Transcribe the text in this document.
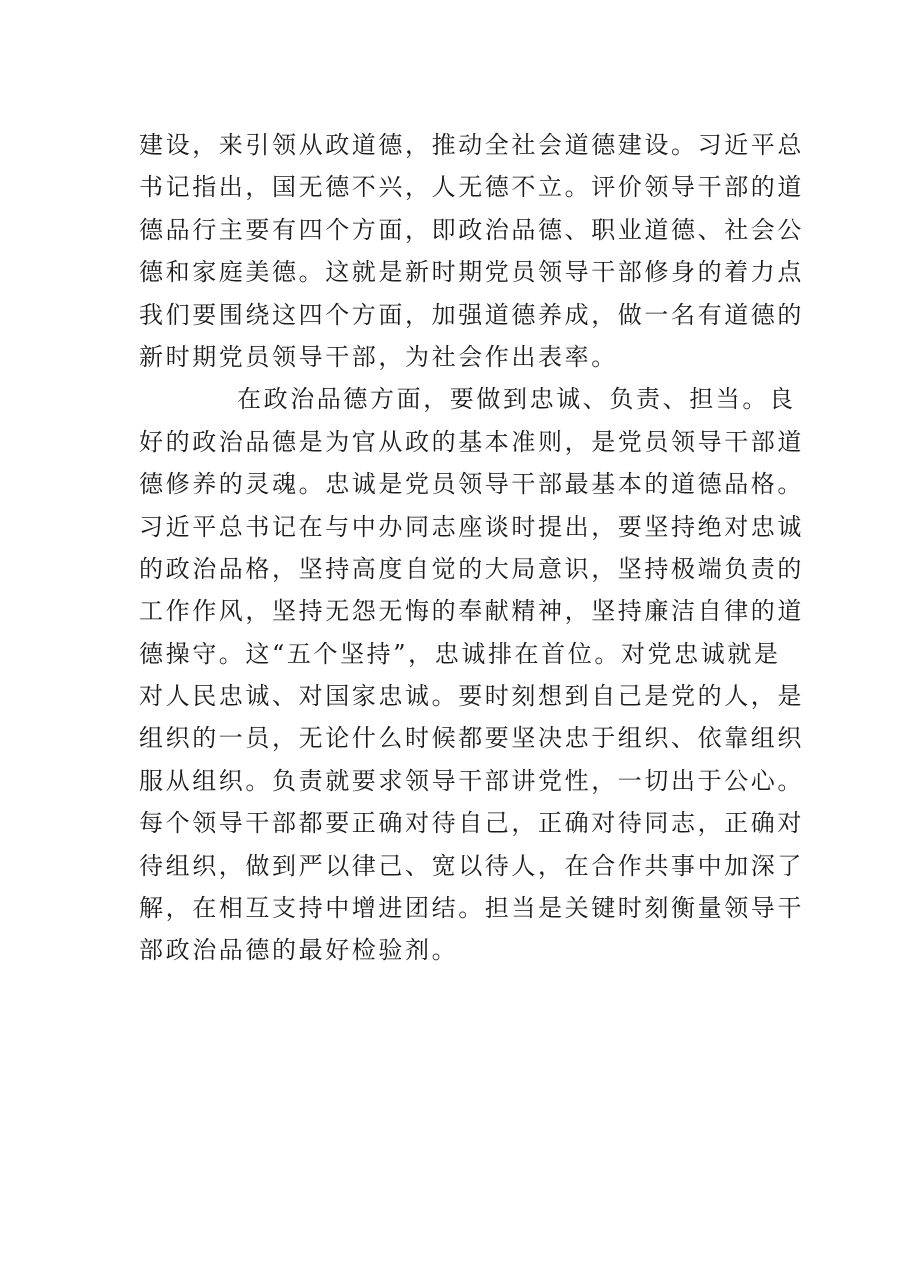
建设，来引领从政道德，推动全社会道德建设。习近平总
书记指出，国无德不兴，人无德不立。评价领导干部的道
德品行主要有四个方面，即政治品德、职业道德、社会公
德和家庭美德。这就是新时期党员领导干部修身的着力点
我们要围绕这四个方面，加强道德养成，做一名有道德的
新时期党员领导干部，为社会作出表率。
在政治品德方面，要做到忠诚、负责、担当。良
好的政治品德是为官从政的基本准则，是党员领导干部道
德修养的灵魂。忠诚是党员领导干部最基本的道德品格。
习近平总书记在与中办同志座谈时提出，要坚持绝对忠诚
的政治品格，坚持高度自觉的大局意识，坚持极端负责的
工作作风，坚持无怨无悔的奉献精神，坚持廉洁自律的道
德操守。这“五个坚持”，忠诚排在首位。对党忠诚就是
对人民忠诚、对国家忠诚。要时刻想到自己是党的人，是
组织的一员，无论什么时候都要坚决忠于组织、依靠组织
服从组织。负责就要求领导干部讲党性，一切出于公心。
每个领导干部都要正确对待自己，正确对待同志，正确对
待组织，做到严以律己、宽以待人，在合作共事中加深了
解，在相互支持中增进团结。担当是关键时刻衡量领导干
部政治品德的最好检验剂。
